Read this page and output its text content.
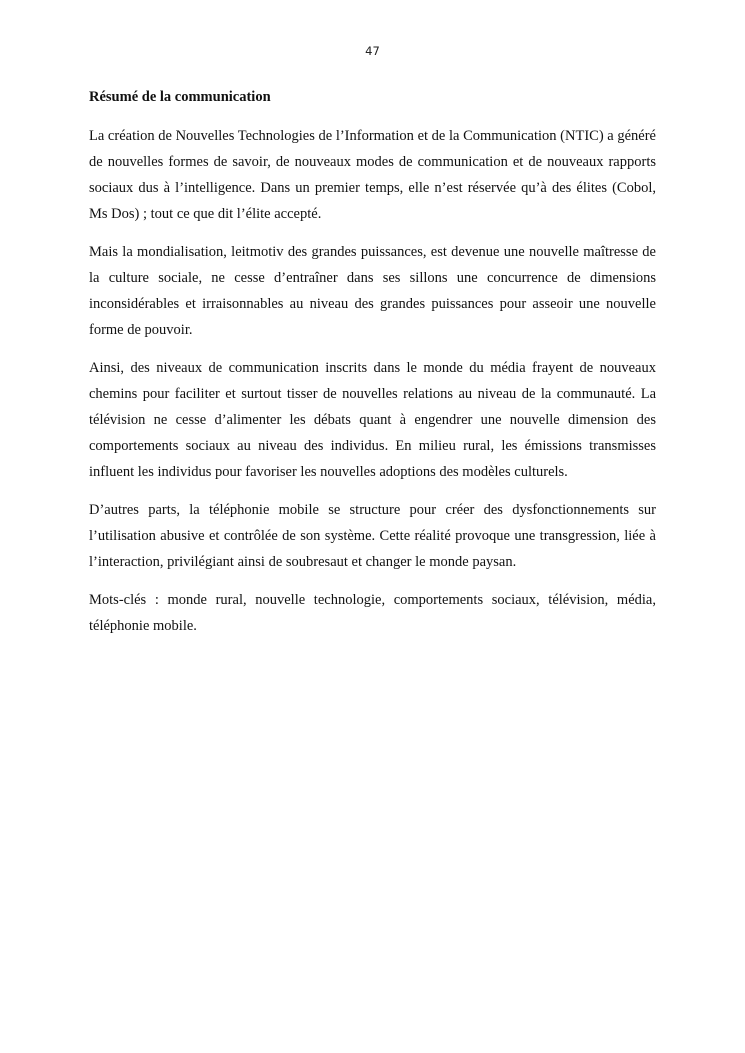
47
Résumé de la communication

La création de Nouvelles Technologies de l’Information et de la Communication (NTIC) a généré de nouvelles formes de savoir, de nouveaux modes de communication et de nouveaux rapports sociaux dus à l’intelligence. Dans un premier temps, elle n’est réservée qu’à des élites (Cobol, Ms Dos) ; tout ce que dit l’élite accepté.

Mais la mondialisation, leitmotiv des grandes puissances, est devenue une nouvelle maîtresse de la culture sociale, ne cesse d’entraîner dans ses sillons une concurrence de dimensions inconsidérables et irraisonnables au niveau des grandes puissances pour asseoir une nouvelle forme de pouvoir.

Ainsi, des niveaux de communication inscrits dans le monde du média frayent de nouveaux chemins pour faciliter et surtout tisser de nouvelles relations au niveau de la communauté. La télévision ne cesse d’alimenter les débats quant à engendrer une nouvelle dimension des comportements sociaux au niveau des individus. En milieu rural, les émissions transmisses influent les individus pour favoriser les nouvelles adoptions des modèles culturels.

D’autres parts, la téléphonie mobile se structure pour créer des dysfonctionnements sur l’utilisation abusive et contrôlée de son système. Cette réalité provoque une transgression, liée à l’interaction, privilégiant ainsi de soubresaut et changer le monde paysan.

Mots-clés : monde rural, nouvelle technologie, comportements sociaux, télévision, média, téléphonie mobile.
